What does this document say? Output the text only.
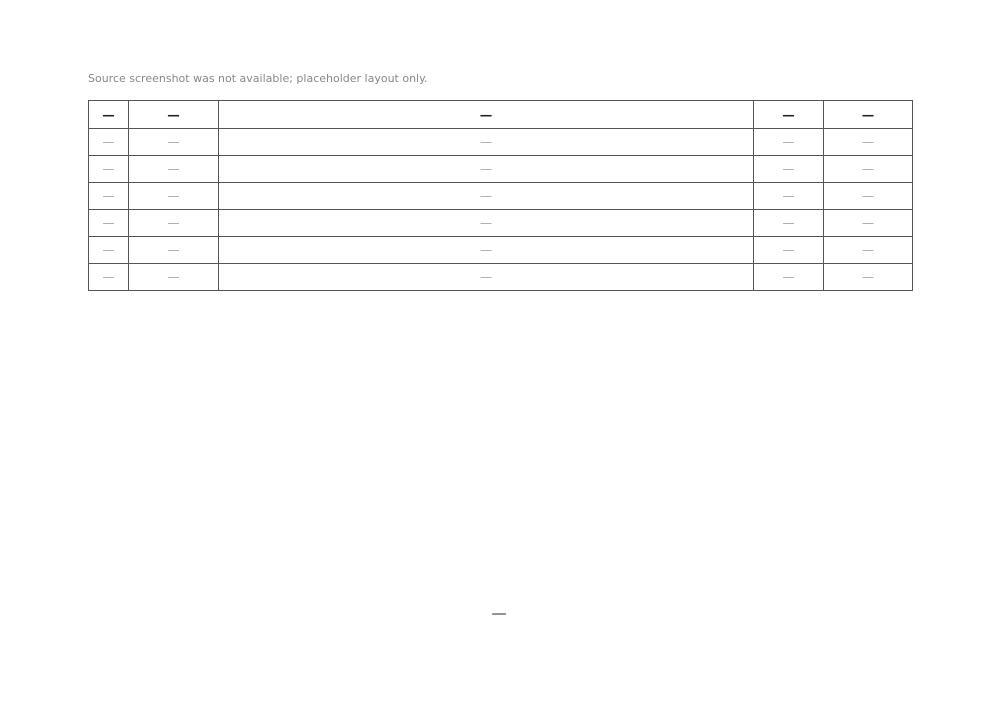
Source screenshot was not available; placeholder layout only.
—	—	—	—	—
—	—	—	—	—
—	—	—	—	—
—	—	—	—	—
—	—	—	—	—
—	—	—	—	—
—	—	—	—	—
—
